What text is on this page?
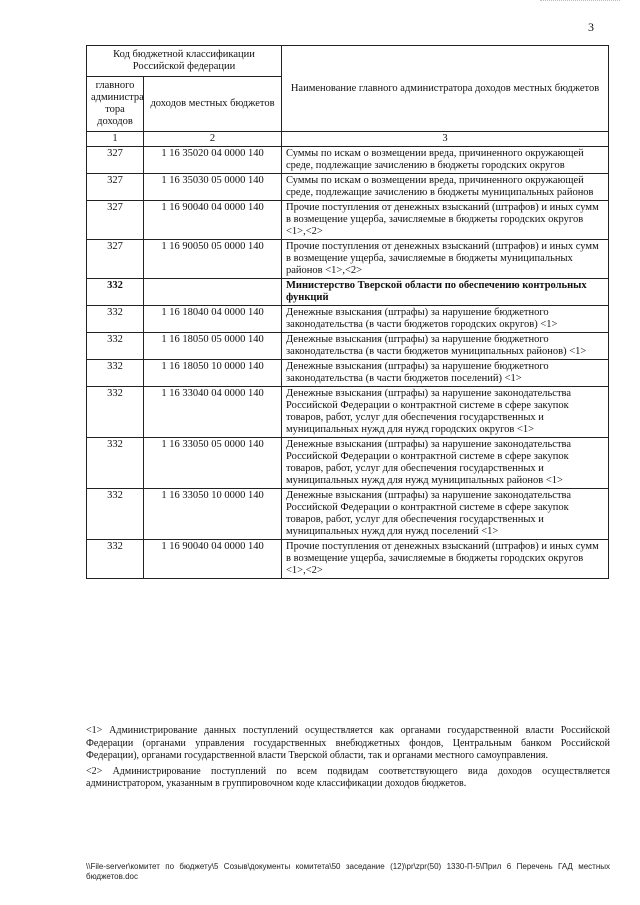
3
Код бюджетной классификации Российской федерации		Наименование главного администратора доходов местных бюджетов
главного администра тора доходов	доходов местных бюджетов	
1	2	3
327	1 16 35020 04 0000 140	Суммы по искам о возмещении вреда, причиненного окружающей среде, подлежащие зачислению в бюджеты городских округов
327	1 16 35030 05 0000 140	Суммы по искам о возмещении вреда, причиненного окружающей среде, подлежащие зачислению в бюджеты муниципальных районов
327	1 16 90040 04 0000 140	Прочие поступления от денежных взысканий (штрафов) и иных сумм в возмещение ущерба, зачисляемые в бюджеты городских округов <1>,<2>
327	1 16 90050 05 0000 140	Прочие поступления от денежных взысканий (штрафов) и иных сумм в возмещение ущерба, зачисляемые в бюджеты муниципальных районов <1>,<2>
332		Министерство Тверской области по обеспечению контрольных функций
332	1 16 18040 04 0000 140	Денежные взыскания (штрафы) за нарушение бюджетного законодательства (в части бюджетов городских округов) <1>
332	1 16 18050 05 0000 140	Денежные взыскания (штрафы) за нарушение бюджетного законодательства (в части бюджетов муниципальных районов) <1>
332	1 16 18050 10 0000 140	Денежные взыскания (штрафы) за нарушение бюджетного законодательства (в части бюджетов поселений) <1>
332	1 16 33040 04 0000 140	Денежные взыскания (штрафы) за нарушение законодательства Российской Федерации о контрактной системе в сфере закупок товаров, работ, услуг для обеспечения государственных и муниципальных нужд для нужд городских округов <1>
332	1 16 33050 05 0000 140	Денежные взыскания (штрафы) за нарушение законодательства Российской Федерации о контрактной системе в сфере закупок товаров, работ, услуг для обеспечения государственных и муниципальных нужд для нужд муниципальных районов <1>
332	1 16 33050 10 0000 140	Денежные взыскания (штрафы) за нарушение законодательства Российской Федерации о контрактной системе в сфере закупок товаров, работ, услуг для обеспечения государственных и муниципальных нужд для нужд поселений <1>
332	1 16 90040 04 0000 140	Прочие поступления от денежных взысканий (штрафов) и иных сумм в возмещение ущерба, зачисляемые в бюджеты городских округов <1>,<2>

<1> Администрирование данных поступлений осуществляется как органами государственной власти Российской Федерации (органами управления государственных внебюджетных фондов, Центральным банком Российской Федерации), органами государственной власти Тверской области, так и органами местного самоуправления.

<2> Администрирование поступлений по всем подвидам соответствующего вида доходов осуществляется администратором, указанным в группировочном коде классификации доходов бюджетов.

\\File-server\комитет по бюджету\5 Созыв\документы комитета\50 заседание (12)\pr\zpr(50) 1330-П-5\Прил 6 Перечень ГАД местных бюджетов.doc
